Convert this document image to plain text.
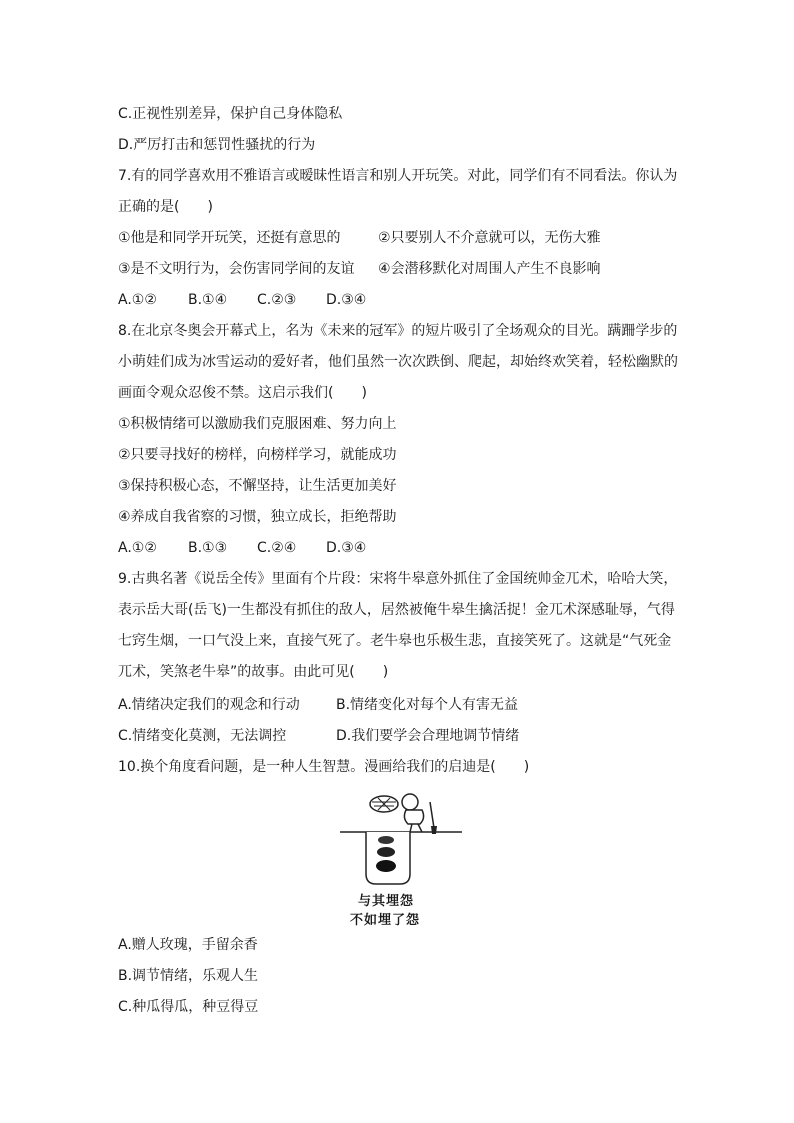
C.正视性别差异，保护自己身体隐私
D.严厉打击和惩罚性骚扰的行为
7.有的同学喜欢用不雅语言或暧昧性语言和别人开玩笑。对此，同学们有不同看法。你认为
正确的是(　　)
①他是和同学开玩笑，还挺有意思的	②只要别人不介意就可以，无伤大雅
③是不文明行为，会伤害同学间的友谊 ④会潜移默化对周围人产生不良影响
A.①② B.①④ C.②③ D.③④
8.在北京冬奥会开幕式上，名为《未来的冠军》的短片吸引了全场观众的目光。蹒跚学步的
小萌娃们成为冰雪运动的爱好者，他们虽然一次次跌倒、爬起，却始终欢笑着，轻松幽默的
画面令观众忍俊不禁。这启示我们(　　)
①积极情绪可以激励我们克服困难、努力向上
②只要寻找好的榜样，向榜样学习，就能成功
③保持积极心态，不懈坚持，让生活更加美好
④养成自我省察的习惯，独立成长，拒绝帮助
A.①② B.①③ C.②④ D.③④
9.古典名著《说岳全传》里面有个片段：宋将牛皋意外抓住了金国统帅金兀术，哈哈大笑，
表示岳大哥(岳飞)一生都没有抓住的敌人，居然被俺牛皋生擒活捉！金兀术深感耻辱，气得
七窍生烟，一口气没上来，直接气死了。老牛皋也乐极生悲，直接笑死了。这就是“气死金
兀术，笑煞老牛皋”的故事。由此可见(　　)
A.情绪决定我们的观念和行动	B.情绪变化对每个人有害无益
C.情绪变化莫测，无法调控	D.我们要学会合理地调节情绪
10.换个角度看问题，是一种人生智慧。漫画给我们的启迪是(　　)
与其埋怨
不如埋了怨
A.赠人玫瑰，手留余香
B.调节情绪，乐观人生
C.种瓜得瓜，种豆得豆
